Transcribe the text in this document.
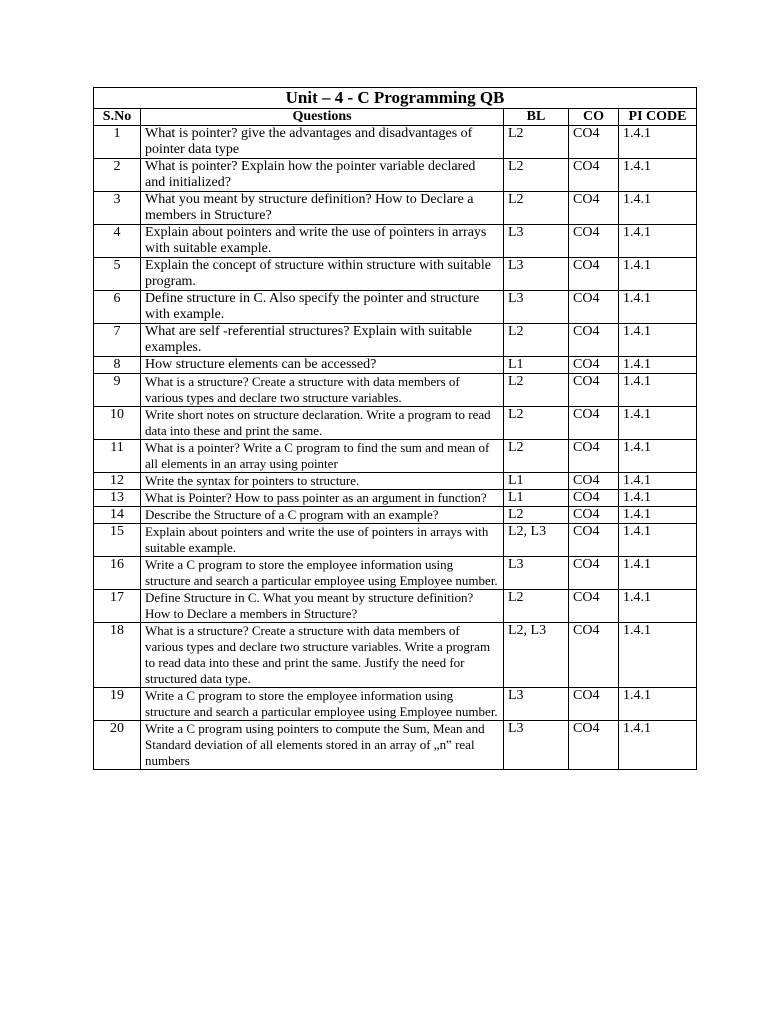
Unit – 4 - C Programming QB				
S.No	Questions	BL	CO	PI CODE
1	What is pointer? give the advantages and disadvantages of pointer data type	L2	CO4	1.4.1
2	What is pointer? Explain how the pointer variable declared and initialized?	L2	CO4	1.4.1
3	What you meant by structure definition? How to Declare a members in Structure?	L2	CO4	1.4.1
4	Explain about pointers and write the use of pointers in arrays with suitable example.	L3	CO4	1.4.1
5	Explain the concept of structure within structure with suitable program.	L3	CO4	1.4.1
6	Define structure in C. Also specify the pointer and structure with example.	L3	CO4	1.4.1
7	What are self -referential structures? Explain with suitable examples.	L2	CO4	1.4.1
8	How structure elements can be accessed?	L1	CO4	1.4.1
9	What is a structure? Create a structure with data members of various types and declare two structure variables.	L2	CO4	1.4.1
10	Write short notes on structure declaration. Write a program to read data into these and print the same.	L2	CO4	1.4.1
11	What is a pointer? Write a C program to find the sum and mean of all elements in an array using pointer	L2	CO4	1.4.1
12	Write the syntax for pointers to structure.	L1	CO4	1.4.1
13	What is Pointer? How to pass pointer as an argument in function?	L1	CO4	1.4.1
14	Describe the Structure of a C program with an example?	L2	CO4	1.4.1
15	Explain about pointers and write the use of pointers in arrays with suitable example.	L2, L3	CO4	1.4.1
16	Write a C program to store the employee information using structure and search a particular employee using Employee number.	L3	CO4	1.4.1
17	Define Structure in C. What you meant by structure definition? How to Declare a members in Structure?	L2	CO4	1.4.1
18	What is a structure? Create a structure with data members of various types and declare two structure variables. Write a program to read data into these and print the same. Justify the need for structured data type.	L2, L3	CO4	1.4.1
19	Write a C program to store the employee information using structure and search a particular employee using Employee number.	L3	CO4	1.4.1
20	Write a C program using pointers to compute the Sum, Mean and Standard deviation of all elements stored in an array of „n‟ real numbers	L3	CO4	1.4.1
